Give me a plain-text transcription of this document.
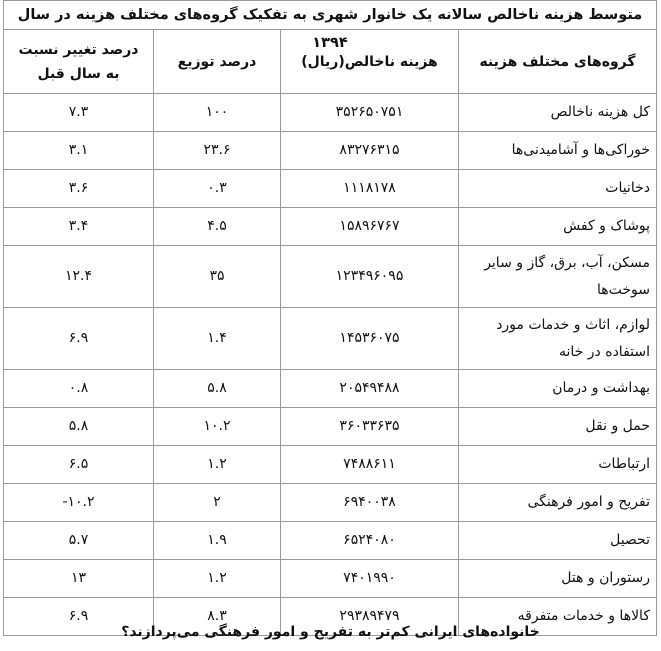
متوسط هزینه ناخالص سالانه یک خانوار شهری به تفکیک گروه‌های مختلف هزینه در سال ۱۳۹۴
گروه‌های مختلف هزینه	هزینه ناخالص(ریال)	درصد توزیع	درصد تغییر نسبت به سال قبل
کل هزینه ناخالص	۳۵۲۶۵۰۷۵۱	۱۰۰	۷.۳
خوراکی‌ها و آشامیدنی‌ها	۸۳۲۷۶۳۱۵	۲۳.۶	۳.۱
دخانیات	۱۱۱۸۱۷۸	۰.۳	۳.۶
پوشاک و کفش	۱۵۸۹۶۷۶۷	۴.۵	۳.۴
مسکن، آب، برق، گاز و سایر سوخت‌ها	۱۲۳۴۹۶۰۹۵	۳۵	۱۲.۴
لوازم، اثاث و خدمات مورد استفاده در خانه	۱۴۵۳۶۰۷۵	۱.۴	۶.۹
بهداشت و درمان	۲۰۵۴۹۴۸۸	۵.۸	۰.۸
حمل و نقل	۳۶۰۳۳۶۳۵	۱۰.۲	۵.۸
ارتباطات	۷۴۸۸۶۱۱	۱.۲	۶.۵
تفریح و امور فرهنگی	۶۹۴۰۰۳۸	۲	۱۰.۲-
تحصیل	۶۵۲۴۰۸۰	۱.۹	۵.۷
رستوران و هتل	۷۴۰۱۹۹۰	۱.۲	۱۳
کالاها و خدمات متفرقه	۲۹۳۸۹۴۷۹	۸.۳	۶.۹
خانواده‌های ایرانی کم‌تر به تفریح و امور فرهنگی می‌پردازند؟
